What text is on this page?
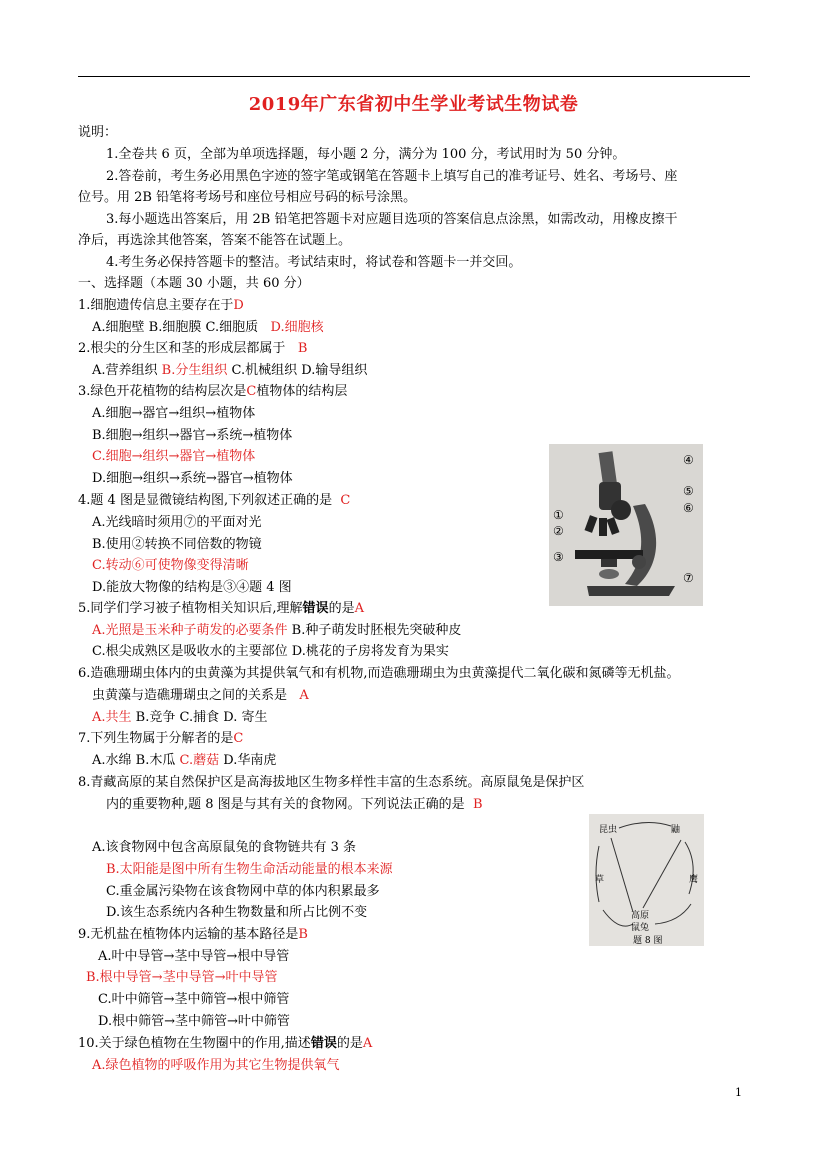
2019年广东省初中生学业考试生物试卷
说明：
1.全卷共 6 页，全部为单项选择题，每小题 2 分，满分为 100 分，考试用时为 50 分钟。
2.答卷前，考生务必用黑色字迹的签字笔或钢笔在答题卡上填写自己的准考证号、姓名、考场号、座
位号。用 2B 铅笔将考场号和座位号相应号码的标号涂黑。
3.每小题选出答案后，用 2B 铅笔把答题卡对应题目选项的答案信息点涂黑，如需改动，用橡皮擦干
净后，再选涂其他答案，答案不能答在试题上。
4.考生务必保持答题卡的整洁。考试结束时，将试卷和答题卡一并交回。
一、选择题（本题 30 小题，共 60 分）
1.细胞遗传信息主要存在于D
A.细胞壁 B.细胞膜 C.细胞质 D.细胞核
2.根尖的分生区和茎的形成层都属于 B
A.营养组织 B.分生组织 C.机械组织 D.输导组织
3.绿色开花植物的结构层次是C植物体的结构层
A.细胞→器官→组织→植物体
B.细胞→组织→器官→系统→植物体
C.细胞→组织→器官→植物体
D.细胞→组织→系统→器官→植物体
4.题 4 图是显微镜结构图,下列叙述正确的是 C
A.光线暗时须用⑦的平面对光
B.使用②转换不同倍数的物镜
C.转动⑥可使物像变得清晰
D.能放大物像的结构是③④题 4 图
④
⑤
⑥
①
②
③
⑦
5.同学们学习被子植物相关知识后,理解错误的是A
A.光照是玉米种子萌发的必要条件 B.种子萌发时胚根先突破种皮
C.根尖成熟区是吸收水的主要部位 D.桃花的子房将发育为果实
6.造礁珊瑚虫体内的虫黄藻为其提供氧气和有机物,而造礁珊瑚虫为虫黄藻提代二氧化碳和氮磷等无机盐。
虫黄藻与造礁珊瑚虫之间的关系是 A
A.共生 B.竞争 C.捕食 D. 寄生
7.下列生物属于分解者的是C
A.水绵 B.木瓜 C.蘑菇 D.华南虎
8.青藏高原的某自然保护区是高海拔地区生物多样性丰富的生态系统。高原鼠兔是保护区
内的重要物种,题 8 图是与其有关的食物网。下列说法正确的是 B
A.该食物网中包含高原鼠兔的食物链共有 3 条
B.太阳能是图中所有生物生命活动能量的根本来源
C.重金属污染物在该食物网中草的体内积累最多
D.该生态系统内各种生物数量和所占比例不变
昆虫	鼬
草	鹰
高原
鼠兔
题 8 图
9.无机盐在植物体内运输的基本路径是B
A.叶中导管→茎中导管→根中导管
B.根中导管→茎中导管→叶中导管
C.叶中筛管→茎中筛管→根中筛管
D.根中筛管→茎中筛管→叶中筛管
10.关于绿色植物在生物圈中的作用,描述错误的是A
A.绿色植物的呼吸作用为其它生物提供氧气
1
